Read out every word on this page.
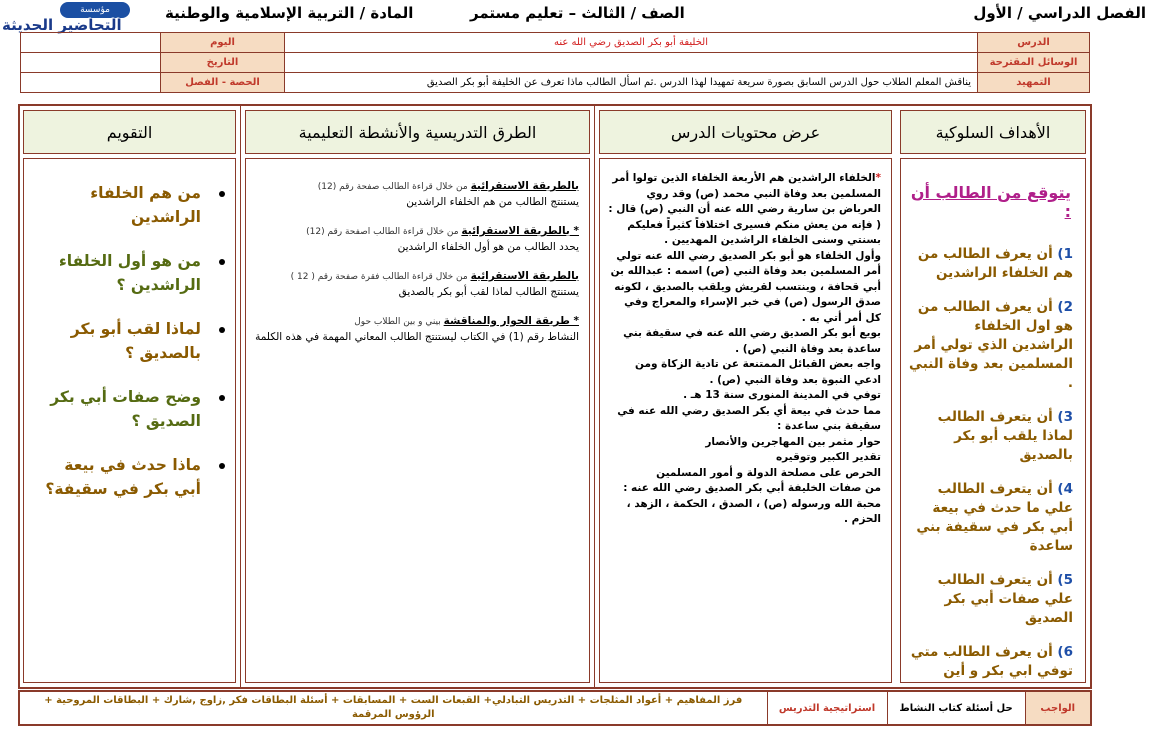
الفصل الدراسي / الأول
الصف / الثالث – تعليم مستمر
المادة / التربية الإسلامية والوطنية
مؤسسة
التحاضير الحديثة
الدرس	الخليفة أبو بكر الصديق رضي الله عنه	اليوم	
الوسائل المقترحة		التاريخ	
التمهيد	يناقش المعلم الطلاب حول الدرس السابق بصورة سريعة تمهيدا لهذا الدرس .ثم اسأل الطالب ماذا تعرف عن الخليفة أبو بكر الصديق	الحصة - الفصل	
الأهداف السلوكية
يتوقع من الطالب أن :
1) أن يعرف الطالب من هم الخلفاء الراشدين
2) أن يعرف الطالب من هو اول الخلفاء الراشدين الذي تولي أمر المسلمين بعد وفاة النبي .
3) أن يتعرف الطالب لماذا يلقب أبو بكر بالصديق
4) أن يتعرف الطالب علي ما حدث في بيعة أبي بكر في سقيفة بني ساعدة
5) أن يتعرف الطالب علي صفات أبي بكر الصديق
6) أن يعرف الطالب متي توفي ابي بكر و أين
عرض محتويات الدرس
*الخلفاء الراشدين هم الأربعة الخلفاء الذين تولوا أمر المسلمين بعد وفاة النبي محمد (ص) وقد روي العرباض بن سارية رضي الله عنه أن النبي (ص) قال : ( فإنه من يعش منكم فسيرى اختلافاً كثيراً فعليكم بسنتي وسنى الخلفاء الراشدين المهديين .
وأول الخلفاء هو أبو بكر الصديق رضي الله عنه تولي أمر المسلمين بعد وفاة النبي (ص) اسمه : عبدالله بن أبي قحافة ، وينتسب لقريش ويلقب بالصديق ، لكونه صدق الرسول (ص) في خبر الإسراء والمعراج وفي كل أمر أتي به .
بويع أبو بكر الصديق رضي الله عنه في سقيفة بني ساعدة بعد وفاة النبي (ص) .
واجه بعض القبائل الممتنعة عن تادية الزكاة ومن ادعي النبوة بعد وفاة النبي (ص) .
توفي في المدينة المنورى سنة 13 هـ .
مما حدث في بيعة أي بكر الصديق رضي الله عنه في سقيفة بني ساعدة :
حوار مثمر بين المهاجرين والأنصار
تقدير الكبير وتوقيره
الحرص على مصلحة الدولة و أمور المسلمين
من صفات الخليفة أبي بكر الصديق رضي الله عنه : محبة الله ورسوله (ص) ، الصدق ، الحكمة ، الزهد ، الحزم .

الطرق التدريسية والأنشطة التعليمية
بالطريقة الاستقرائية من خلال قراءة الطالب صفحة رقم (12)
يستنتج الطالب من هم الخلفاء الراشدين
* بالطريقة الاستقرائية من خلال قراءة الطالب اصفحة رقم (12)
يحدد الطالب من هو أول الخلفاء الراشدين
بالطريقة الاستقرائية من خلال قراءة الطالب فقرة صفحة رقم ( 12 )
يستنتج الطالب لماذا لقب أبو بكر بالصديق
* طريقة الحوار والمناقشة بيني و بين الطلاب حول
النشاط رقم (1) في الكتاب ليستنتج الطالب المعاني المهمة في هذه الكلمة
التقويم
من هم الخلفاء الراشدين
من هو أول الخلفاء الراشدين ؟
لماذا لقب أبو بكر بالصديق ؟
وضح صفات أبي بكر الصديق ؟
ماذا حدث في بيعة أبي بكر في سقيفة؟
الواجب	حل أسئلة كتاب النشاط	استراتيجية التدريس	فرز المفاهيم + أعواد المثلجات + التدريس التبادلي+ القبعات الست + المسابقات + أسئلة البطاقات فكر ,زاوج ,شارك + البطاقات المروحية + الرؤوس المرقمة
